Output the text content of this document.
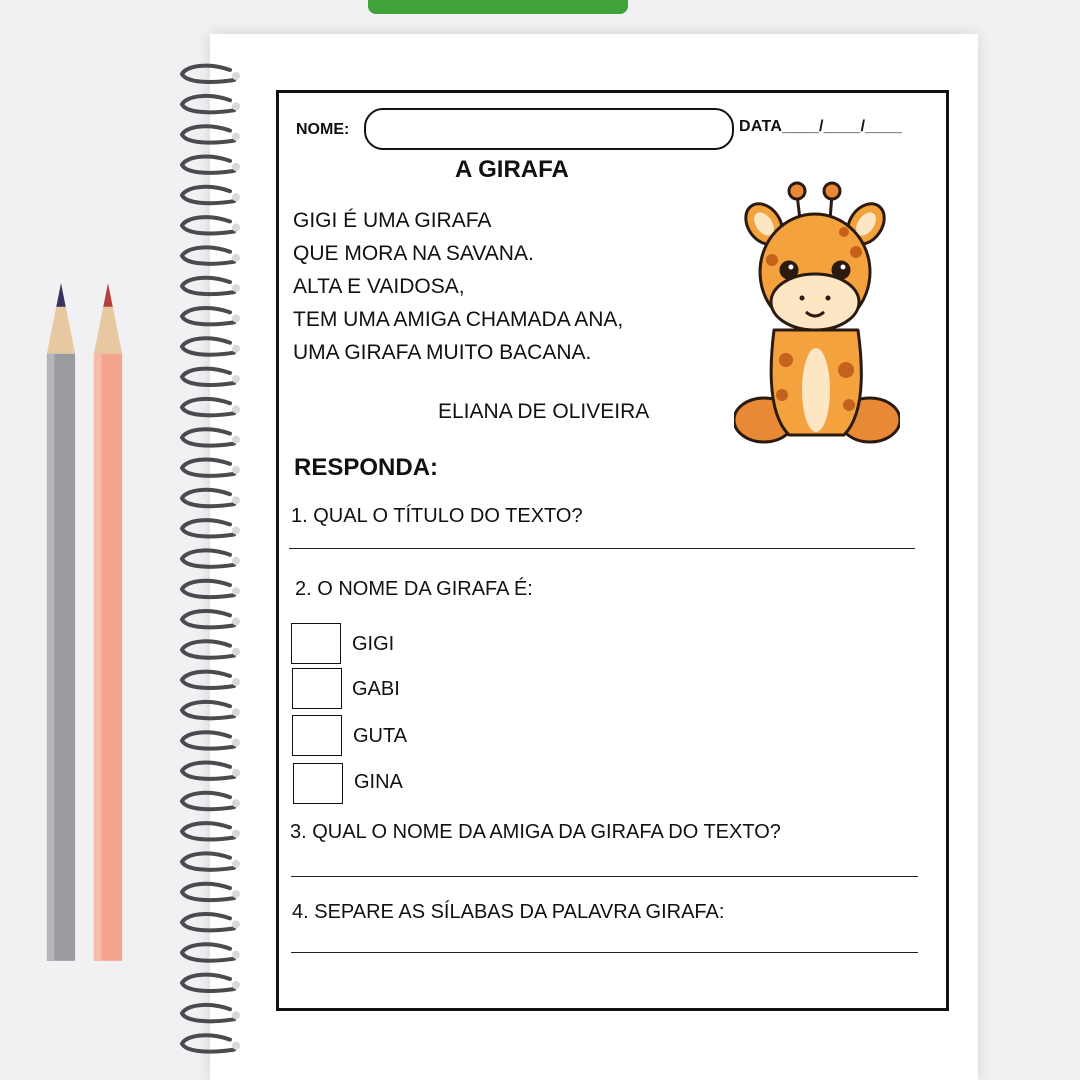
NOME:	DATA____/____/____
A GIRAFA
GIGI É UMA GIRAFA
QUE MORA NA SAVANA.
ALTA E VAIDOSA,
TEM UMA AMIGA CHAMADA ANA,
UMA GIRAFA MUITO BACANA.
ELIANA DE OLIVEIRA
RESPONDA:
1. QUAL O TÍTULO DO TEXTO?
2. O NOME DA GIRAFA É:
GIGI
GABI
GUTA
GINA
3. QUAL O NOME DA AMIGA DA GIRAFA DO TEXTO?
4. SEPARE AS SÍLABAS DA PALAVRA GIRAFA:
